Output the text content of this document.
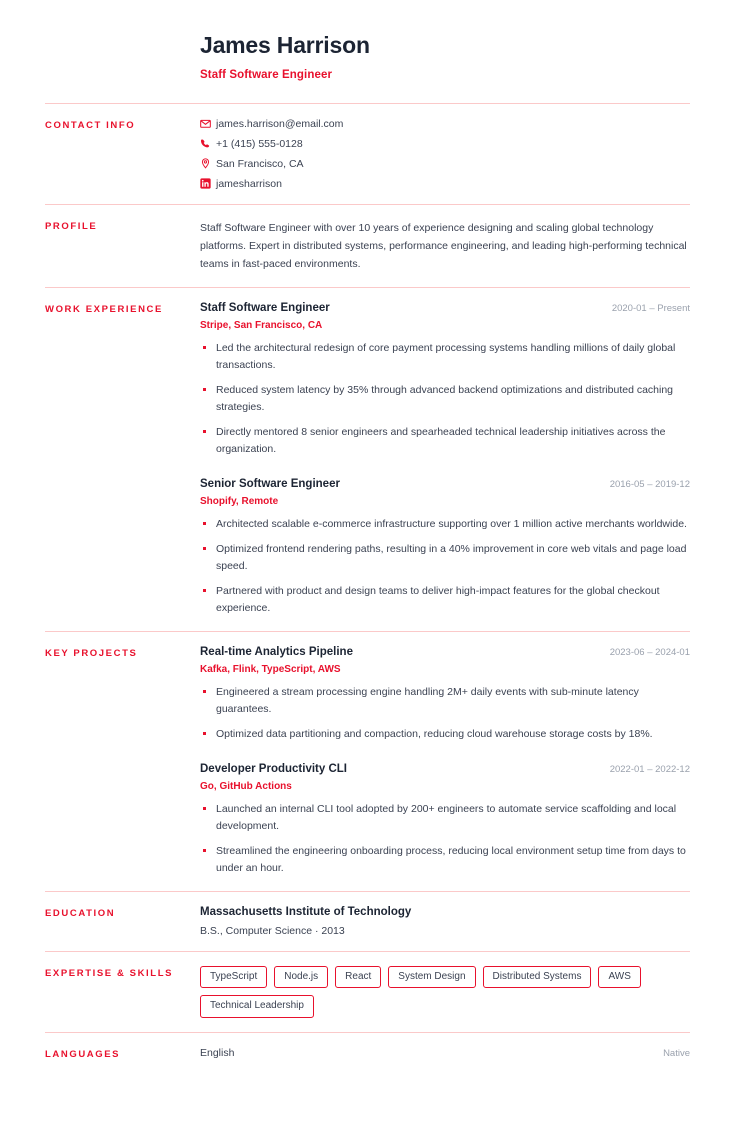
James Harrison
Staff Software Engineer
CONTACT INFO	james.harrison@email.com
+1 (415) 555-0128
San Francisco, CA
jamesharrison
PROFILE	Staff Software Engineer with over 10 years of experience designing and scaling global technology platforms. Expert in distributed systems, performance engineering, and leading high-performing technical teams in fast-paced environments.
WORK EXPERIENCE	Staff Software Engineer	2020-01 – Present
Stripe, San Francisco, CA
Led the architectural redesign of core payment processing systems handling millions of daily global transactions.
Reduced system latency by 35% through advanced backend optimizations and distributed caching strategies.
Directly mentored 8 senior engineers and spearheaded technical leadership initiatives across the organization.
Senior Software Engineer	2016-05 – 2019-12
Shopify, Remote
Architected scalable e-commerce infrastructure supporting over 1 million active merchants worldwide.
Optimized frontend rendering paths, resulting in a 40% improvement in core web vitals and page load speed.
Partnered with product and design teams to deliver high-impact features for the global checkout experience.
KEY PROJECTS	Real-time Analytics Pipeline	2023-06 – 2024-01
Kafka, Flink, TypeScript, AWS
Engineered a stream processing engine handling 2M+ daily events with sub-minute latency guarantees.
Optimized data partitioning and compaction, reducing cloud warehouse storage costs by 18%.
Developer Productivity CLI	2022-01 – 2022-12
Go, GitHub Actions
Launched an internal CLI tool adopted by 200+ engineers to automate service scaffolding and local development.
Streamlined the engineering onboarding process, reducing local environment setup time from days to under an hour.
EDUCATION	Massachusetts Institute of Technology
B.S., Computer Science · 2013
EXPERTISE & SKILLS	TypeScript	Node.js	React	System Design	Distributed Systems	AWS
Technical Leadership
LANGUAGES	English	Native
